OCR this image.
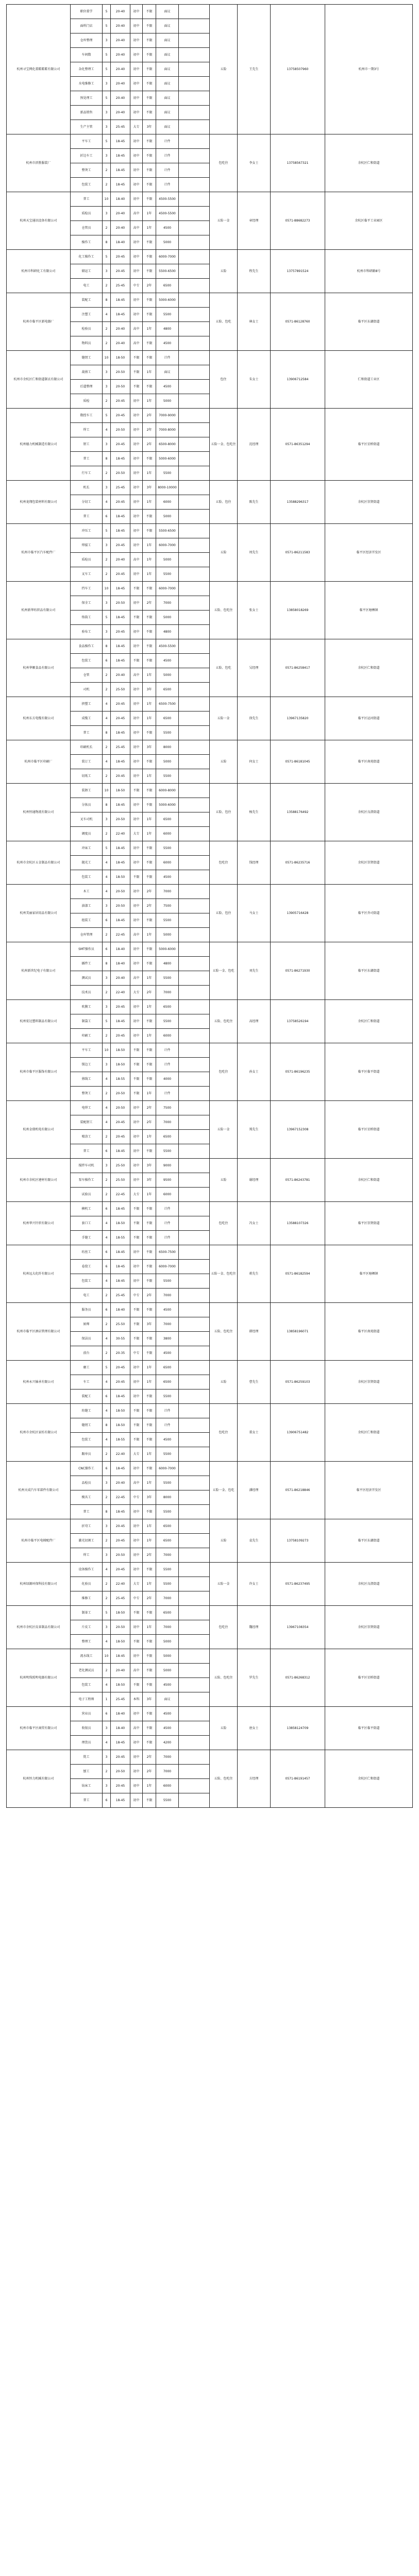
杭州寻宝网化董鞋鞋鞋有限公司	职位董学	5	20-40	初中	不限	面议		五险	王先生	13758507960	杭州市一期3号
	面料门店	5	20-40	初中	不限	面议					
	仓库整理	3	20-40	初中	不限	面议					
	车间数	5	20-40	初中	不限	面议					
	杂化整理工	5	20-40	初中	不限	面议					
	水电维修工	3	20-40	初中	不限	面议					
	预处理工	5	20-40	初中	不限	面议					
	新品销售	3	20-40	初中	不限	面议					
	生产主管	3	25-45	大专	3年	面议					
杭州市滨胜服装厂	平车工	5	18-45	初中	不限	计件		包吃住	李女士	13758567321	余杭区仁和街道
	折边车工	3	18-45	初中	不限	计件					
	整烫工	2	18-45	初中	不限	计件					
	包装工	2	18-45	初中	不限	计件					
杭州天宝通讯设备有限公司	普工	10	18-40	初中	不限	4500-5500		五险一金	章经理	0571-88682273	余杭区临平工业园区
	质检员	3	20-40	高中	1年	4500-5500					
	仓管员	2	20-40	高中	1年	4500					
	操作工	8	18-40	初中	不限	5000					
杭州市科研化工有限公司	化工操作工	5	20-45	初中	不限	6000-7000		五险	程先生	13757891524	杭州市科研路8号
	储运工	3	20-45	初中	不限	5500-6500					
	电工	2	25-45	中专	2年	6500					
杭州市临平区新电器厂	装配工	8	18-45	初中	不限	5000-6000		五险、包吃	林女士	0571-86128760	临平区东湖街道
	注塑工	4	18-45	初中	不限	5500					
	检验员	2	20-40	高中	1年	4800					
	物料员	2	20-40	高中	不限	4500					
杭州市余杭区仁和街道制衣有限公司	缝纫工	10	18-50	不限	不限	计件		包住	朱女士	13906712584	仁和街道工业区
	裁剪工	3	20-50	不限	1年	面议					
	后道整理	3	20-50	不限	不限	4500					
	质检	2	20-45	初中	1年	5000					
杭州德力机械制造有限公司	数控车工	5	20-45	初中	2年	7000-9000		五险一金、包吃住	沈经理	0571-86351294	临平区星桥街道
	焊工	4	20-50	初中	2年	7000-8000					
	钳工	3	20-45	初中	2年	6500-8000					
	普工	8	18-45	初中	不限	5000-6000					
	行车工	2	20-50	初中	1年	5500					
杭州龙翔包装材料有限公司	机长	3	25-45	初中	3年	8000-10000		五险、包住	陈先生	13588296317	余杭区崇贤街道
	分切工	4	20-45	初中	1年	6000					
	普工	6	18-45	初中	不限	5000					
杭州市临平区汽车配件厂	冲压工	5	18-45	初中	不限	5500-6500		五险	周先生	0571-86211583	临平区经济开发区
	焊接工	3	20-45	初中	1年	6000-7000					
	质检员	2	20-40	高中	1年	5000					
	叉车工	2	20-45	初中	1年	5500					
杭州新华纺织品有限公司	挡车工	10	18-45	不限	不限	6000-7000		五险、包吃住	张女士	13858018269	临平区塘栖镇
	保全工	3	20-50	初中	2年	7000					
	络筒工	5	18-45	不限	不限	5000					
	验布工	3	20-45	初中	不限	4800					
杭州华顺食品有限公司	食品操作工	8	18-45	初中	不限	4500-5500		五险、包吃	吴经理	0571-86258417	余杭区仁和街道
	包装工	6	18-45	不限	不限	4500					
	仓管	2	20-40	高中	1年	5000					
	司机	2	25-50	初中	3年	6500					
杭州东方电缆有限公司	挤塑工	4	20-45	初中	1年	6500-7500		五险一金	徐先生	13967135820	临平区运河街道
	成缆工	4	20-45	初中	1年	6500					
	普工	8	18-45	初中	不限	5500					
杭州市临平区印刷厂	印刷机长	2	25-45	初中	3年	8000		五险	何女士	0571-86181045	临平区南苑街道
	装订工	4	18-45	初中	不限	5000					
	切纸工	2	20-45	初中	1年	5500					
杭州恒通物流有限公司	装卸工	10	18-50	不限	不限	6000-8000		五险、包住	杨先生	13588176492	余杭区良渚街道
	分拣员	8	18-45	初中	不限	5000-6000					
	叉车司机	3	20-50	初中	1年	6500					
	调度员	2	22-40	大专	1年	6000					
杭州市余杭区五金制品有限公司	冲床工	5	18-45	初中	不限	5500		包吃住	钱经理	0571-86235716	余杭区崇贤街道
	抛光工	4	18-45	初中	不限	6000					
	包装工	4	18-50	不限	不限	4500					
杭州美丽家居用品有限公司	木工	4	20-50	初中	2年	7000		五险、包住	马女士	13905716428	临平区乔司街道
	油漆工	3	20-50	初中	2年	7500					
	组装工	6	18-45	初中	不限	5500					
	仓库管理	2	22-45	高中	1年	5000					
杭州新世纪电子有限公司	SMT操作员	6	18-40	初中	不限	5000-6000		五险一金、包吃	刘先生	0571-86271930	临平区东湖街道
	插件工	8	18-40	初中	不限	4800					
	测试员	3	20-40	高中	1年	5500					
	技术员	2	22-40	大专	2年	7000					
杭州宏达塑料制品有限公司	吹膜工	3	20-45	初中	1年	6500		五险、包吃住	高经理	13758526194	余杭区仁和街道
	制袋工	5	18-45	初中	不限	5500					
	印刷工	2	20-45	初中	1年	6000					
杭州市临平区服饰有限公司	平车工	10	18-50	不限	不限	计件		包吃住	孙女士	0571-86196235	临平区临平街道
	锁边工	3	18-50	不限	不限	计件					
	剪线工	4	18-55	不限	不限	4000					
	整烫工	2	20-50	不限	1年	计件					
杭州金鼎机电有限公司	电焊工	4	20-50	初中	2年	7500		五险一金	郑先生	13967152308	临平区星桥街道
	装配钳工	4	20-45	初中	2年	7000					
	喷涂工	2	20-45	初中	1年	6500					
	普工	6	18-45	初中	不限	5500					
杭州市余杭区建材有限公司	搅拌车司机	3	25-50	初中	3年	9000		五险	谢经理	0571-86243781	余杭区仁和街道
	泵车操作工	2	25-50	初中	3年	9500					
	试验员	2	22-45	大专	1年	6000					
杭州华兴针织有限公司	横机工	6	18-45	不限	不限	计件		包吃住	冯女士	13588107326	临平区崇贤街道
	套口工	4	18-50	不限	不限	计件					
	手缝工	4	18-55	不限	不限	计件					
杭州远大化纤有限公司	纺丝工	6	18-45	初中	不限	6500-7500		五险一金、包吃住	蒋先生	0571-86182594	临平区塘栖镇
	卷绕工	6	18-45	初中	不限	6000-7000					
	包装工	4	18-45	初中	不限	5500					
	电工	2	25-45	中专	2年	7000					
杭州市临平区酒店管理有限公司	服务员	6	18-40	不限	不限	4500		五险、包吃住	韩经理	13858196071	临平区南苑街道
	厨师	2	25-50	不限	3年	7000					
	保洁员	4	30-55	不限	不限	3800					
	前台	2	20-35	中专	不限	4500					
杭州永兴轴承有限公司	磨工	5	20-45	初中	1年	6500		五险	曹先生	0571-86259103	余杭区崇贤街道
	车工	4	20-45	初中	1年	6500					
	装配工	6	18-45	初中	不限	5500					
杭州市余杭区家纺有限公司	绗缝工	4	18-50	不限	不限	计件		包吃住	董女士	13906751482	余杭区仁和街道
	缝纫工	8	18-50	不限	不限	计件					
	包装工	4	18-55	不限	不限	4500					
	跟单员	2	22-40	大专	1年	5500					
杭州天成汽车零部件有限公司	CNC操作工	6	18-45	初中	不限	6000-7000		五险一金、包吃	潘经理	0571-86218846	临平区经济开发区
	品检员	3	20-40	高中	1年	5500					
	模具工	2	22-45	中专	3年	8000					
	普工	8	18-45	初中	不限	5500					
杭州市临平区电梯配件厂	折弯工	3	20-45	初中	1年	6500		五险	袁先生	13758109273	临平区东湖街道
	激光切割工	2	20-45	初中	1年	6500					
	焊工	3	20-50	初中	2年	7000					
杭州绿源环保科技有限公司	设备操作工	4	20-45	初中	不限	5500		五险一金	许女士	0571-86237495	余杭区良渚街道
	化验员	2	22-40	大专	1年	5500					
	维修工	2	25-45	中专	2年	7000					
杭州市余杭区皮革制品有限公司	制革工	5	18-50	不限	不限	6500		包吃住	魏经理	13967108354	余杭区崇贤街道
	片皮工	3	20-50	初中	1年	7000					
	整理工	4	18-50	不限	不限	5000					
杭州明珠照明电器有限公司	流水线工	10	18-45	初中	不限	5000		五险、包吃住	罗先生	0571-86268312	临平区星桥街道
	老化测试员	2	20-40	高中	不限	5000					
	包装工	4	18-50	不限	不限	4500					
	电子工程师	1	25-45	本科	3年	面议					
杭州市临平区商贸有限公司	营业员	6	18-40	初中	不限	4500		五险	唐女士	13858124709	临平区临平街道
	收银员	3	18-40	高中	不限	4500					
	理货员	4	18-45	初中	不限	4200					
杭州恒力机械有限公司	铣工	3	20-45	初中	2年	7000		五险、包吃住	方经理	0571-86191457	余杭区仁和街道
	刨工	2	20-50	初中	2年	7000					
	钻床工	3	20-45	初中	1年	6000					
	普工	6	18-45	初中	不限	5500					
